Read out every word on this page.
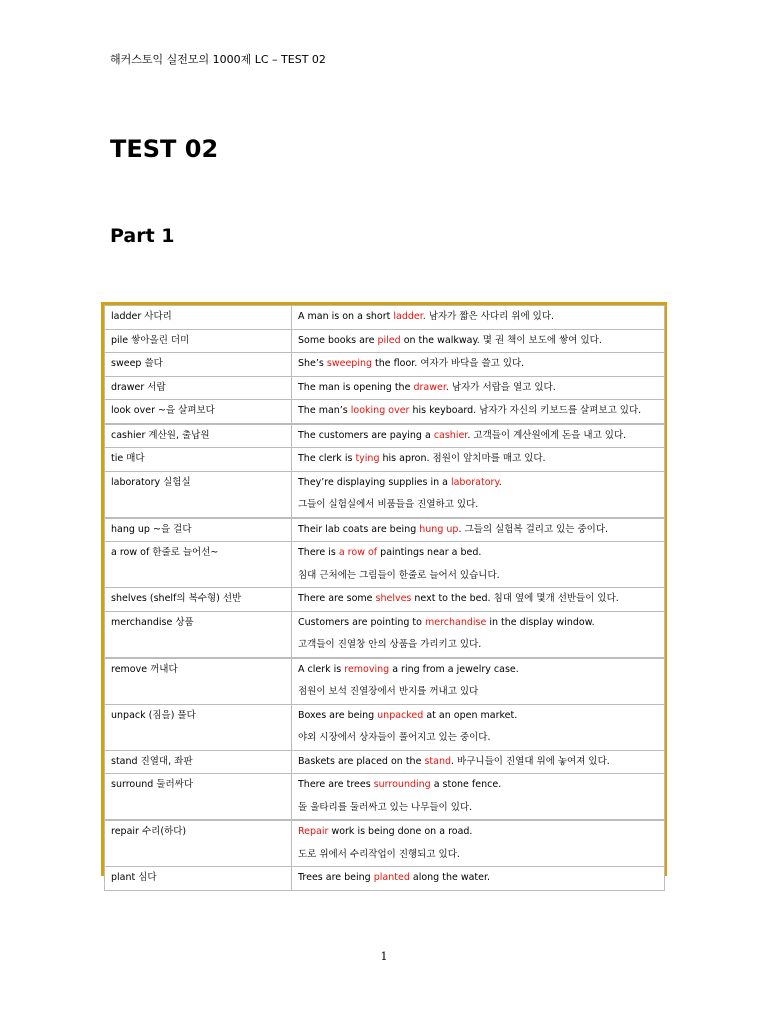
해커스토익 실전모의 1000제 LC – TEST 02
TEST 02
Part 1
ladder 사다리	A man is on a short ladder. 남자가 짧은 사다리 위에 있다.

pile 쌓아올린 더미	Some books are piled on the walkway. 몇 권 책이 보도에 쌓여 있다.

sweep 쓸다	She’s sweeping the floor. 여자가 바닥을 쓸고 있다.

drawer 서랍	The man is opening the drawer. 남자가 서랍을 열고 있다.

look over ~을 살펴보다	The man’s looking over his keyboard. 남자가 자신의 키보드를 살펴보고 있다.

cashier 계산원, 출납원	The customers are paying a cashier. 고객들이 계산원에게 돈을 내고 있다.

tie 매다	The clerk is tying his apron. 점원이 앞치마를 매고 있다.

laboratory 실험실	They’re displaying supplies in a laboratory.
그들이 실험실에서 비품들을 진열하고 있다.

hang up ~을 걸다	Their lab coats are being hung up. 그들의 실험복 걸리고 있는 중이다.

a row of 한줄로 늘어선~	There is a row of paintings near a bed.
침대 근처에는 그림들이 한줄로 늘어서 있습니다.

shelves (shelf의 복수형) 선반	There are some shelves next to the bed. 침대 옆에 몇개 선반들이 있다.

merchandise 상품	Customers are pointing to merchandise in the display window.
고객들이 진열창 안의 상품을 가리키고 있다.

remove 꺼내다	A clerk is removing a ring from a jewelry case.
점원이 보석 진열장에서 반지를 꺼내고 있다

unpack (짐을) 풀다	Boxes are being unpacked at an open market.
야외 시장에서 상자들이 풀어지고 있는 중이다.

stand 진열대, 좌판	Baskets are placed on the stand. 바구니들이 진열대 위에 놓여져 있다.

surround 둘러싸다	There are trees surrounding a stone fence.
돌 울타리를 둘러싸고 있는 나무들이 있다.

repair 수리(하다)	Repair work is being done on a road.
도로 위에서 수리작업이 진행되고 있다.

plant 심다	Trees are being planted along the water.
1
